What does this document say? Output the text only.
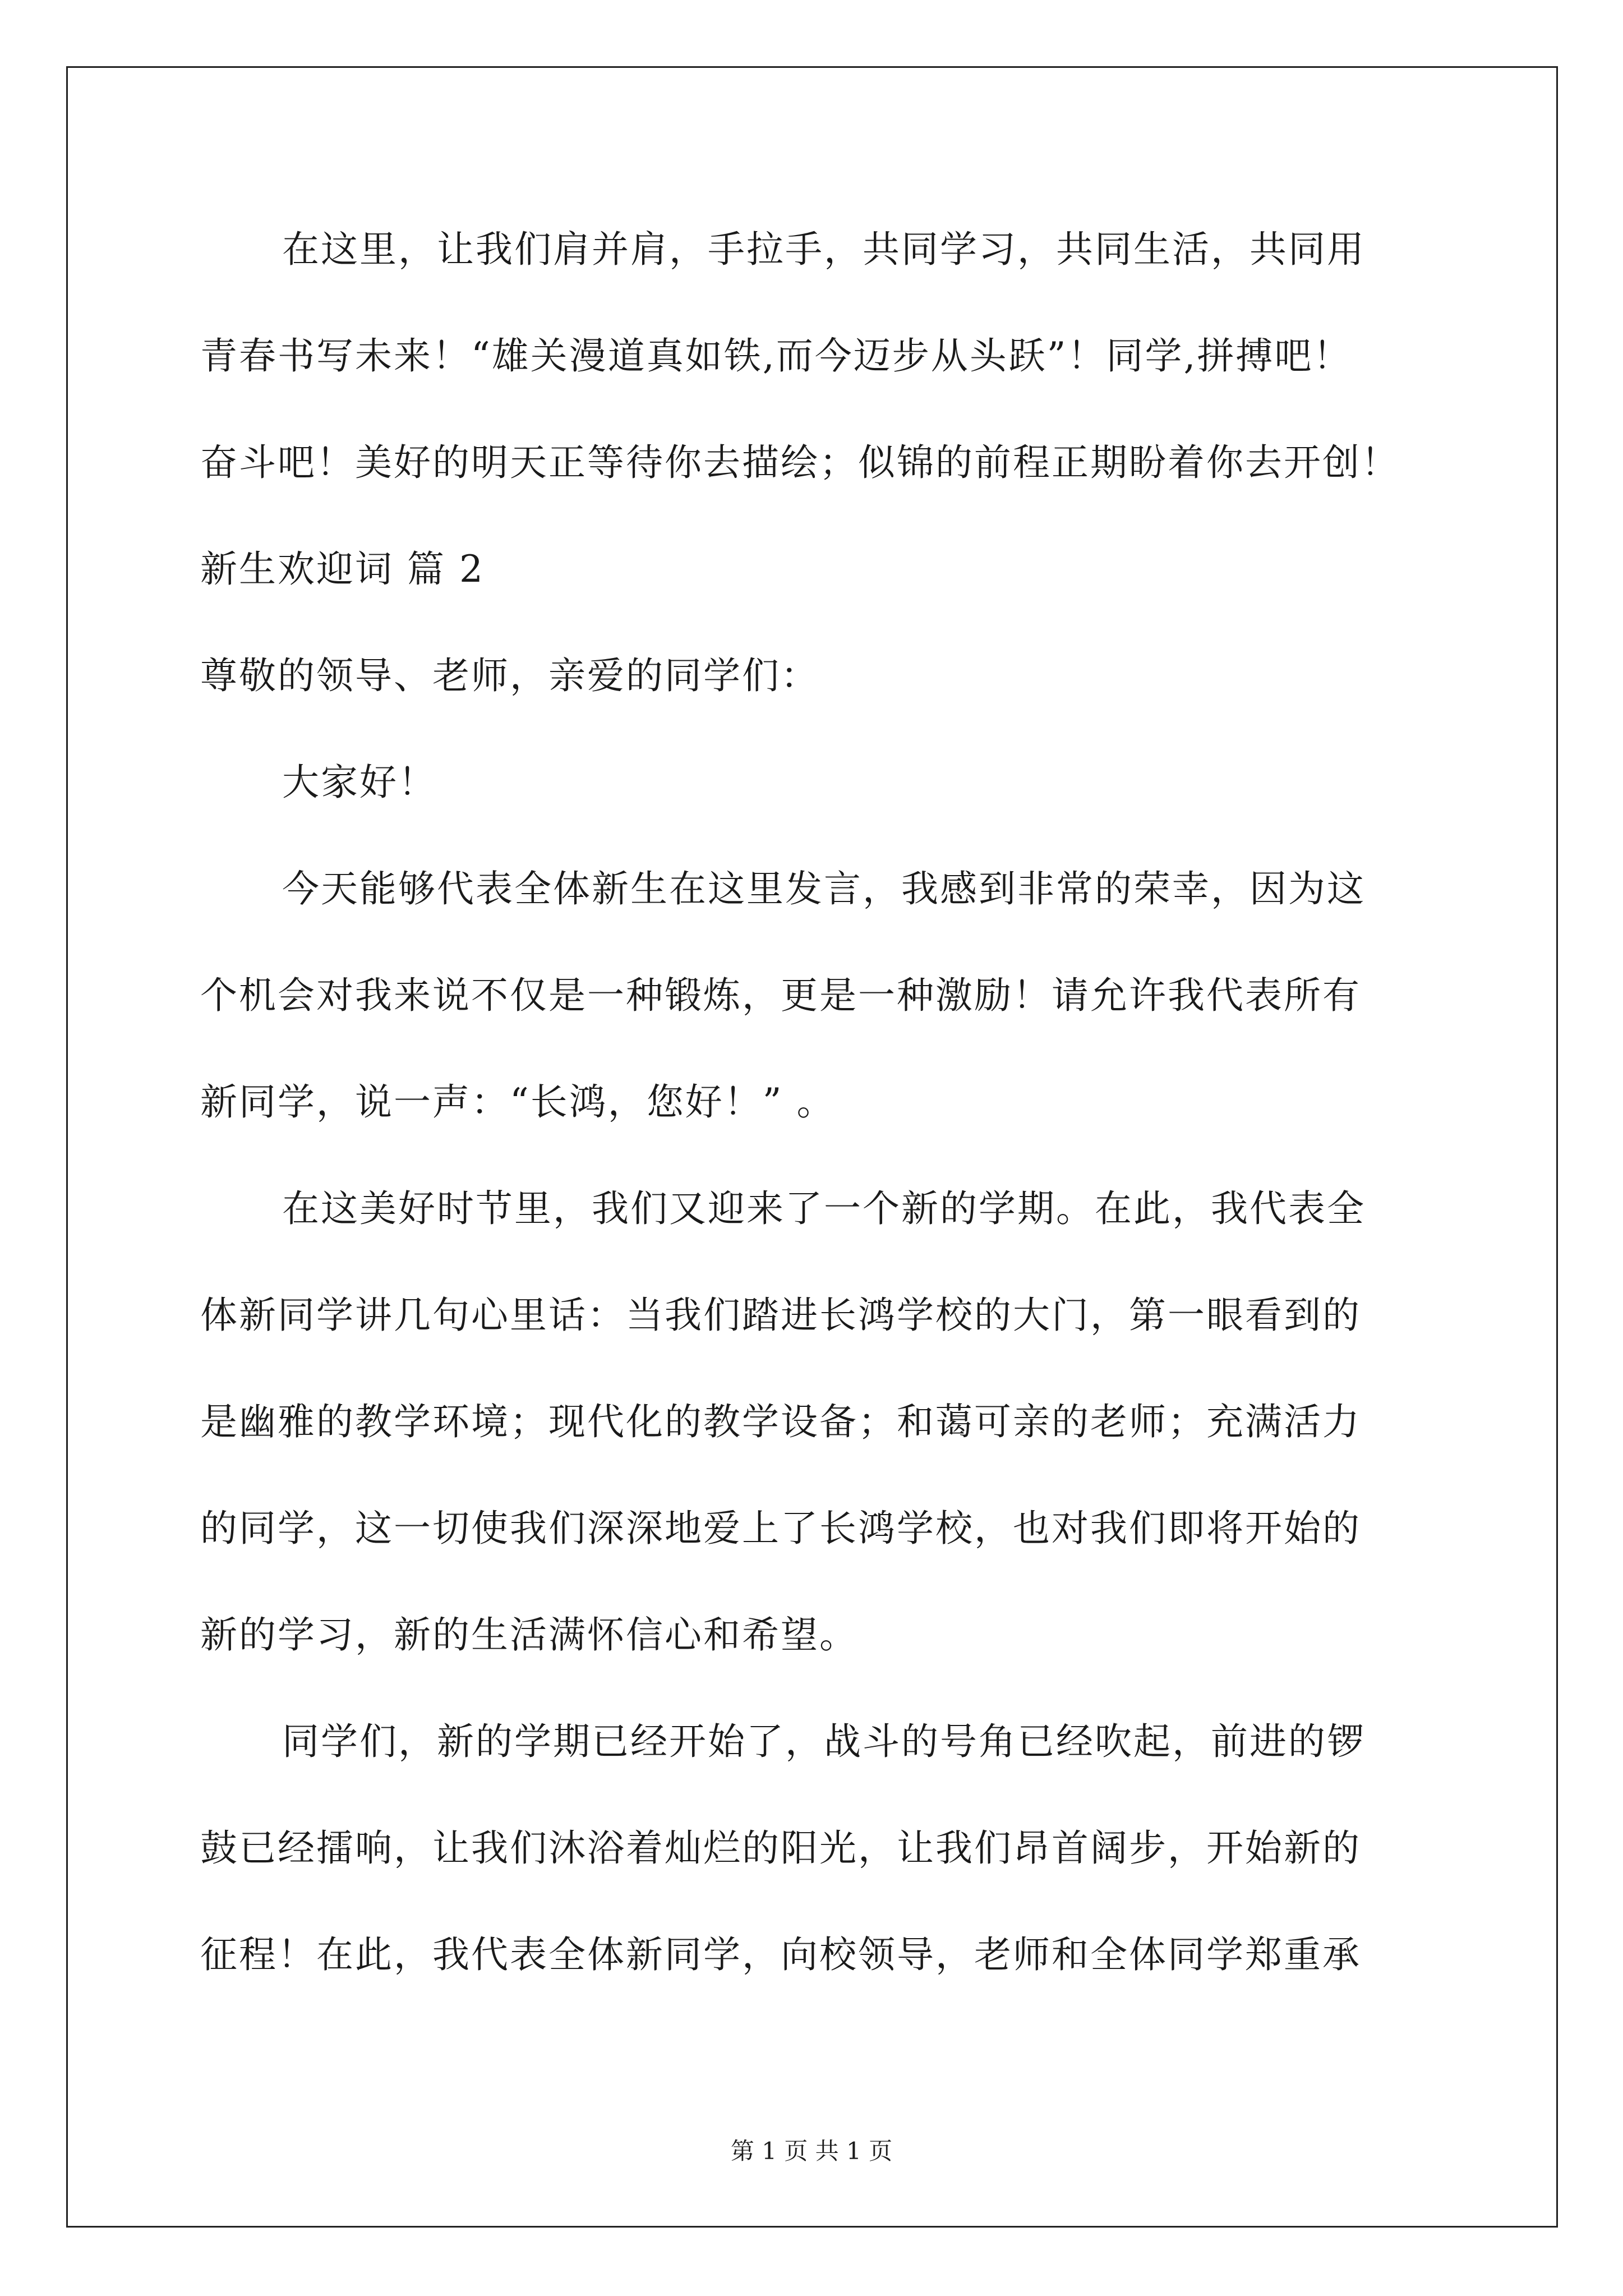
在这里，让我们肩并肩，手拉手，共同学习，共同生活，共同用
青春书写未来！“雄关漫道真如铁,而今迈步从头跃”！同学,拼搏吧！
奋斗吧！美好的明天正等待你去描绘；似锦的前程正期盼着你去开创！
新生欢迎词 篇 2
尊敬的领导、老师，亲爱的同学们：
大家好！
今天能够代表全体新生在这里发言，我感到非常的荣幸，因为这
个机会对我来说不仅是一种锻炼，更是一种激励！请允许我代表所有
新同学，说一声：“长鸿，您好！” 。
在这美好时节里，我们又迎来了一个新的学期。在此，我代表全
体新同学讲几句心里话：当我们踏进长鸿学校的大门，第一眼看到的
是幽雅的教学环境；现代化的教学设备；和蔼可亲的老师；充满活力
的同学，这一切使我们深深地爱上了长鸿学校，也对我们即将开始的
新的学习，新的生活满怀信心和希望。
同学们，新的学期已经开始了，战斗的号角已经吹起，前进的锣
鼓已经擂响，让我们沐浴着灿烂的阳光，让我们昂首阔步，开始新的
征程！在此，我代表全体新同学，向校领导，老师和全体同学郑重承
第 1 页 共 1 页
